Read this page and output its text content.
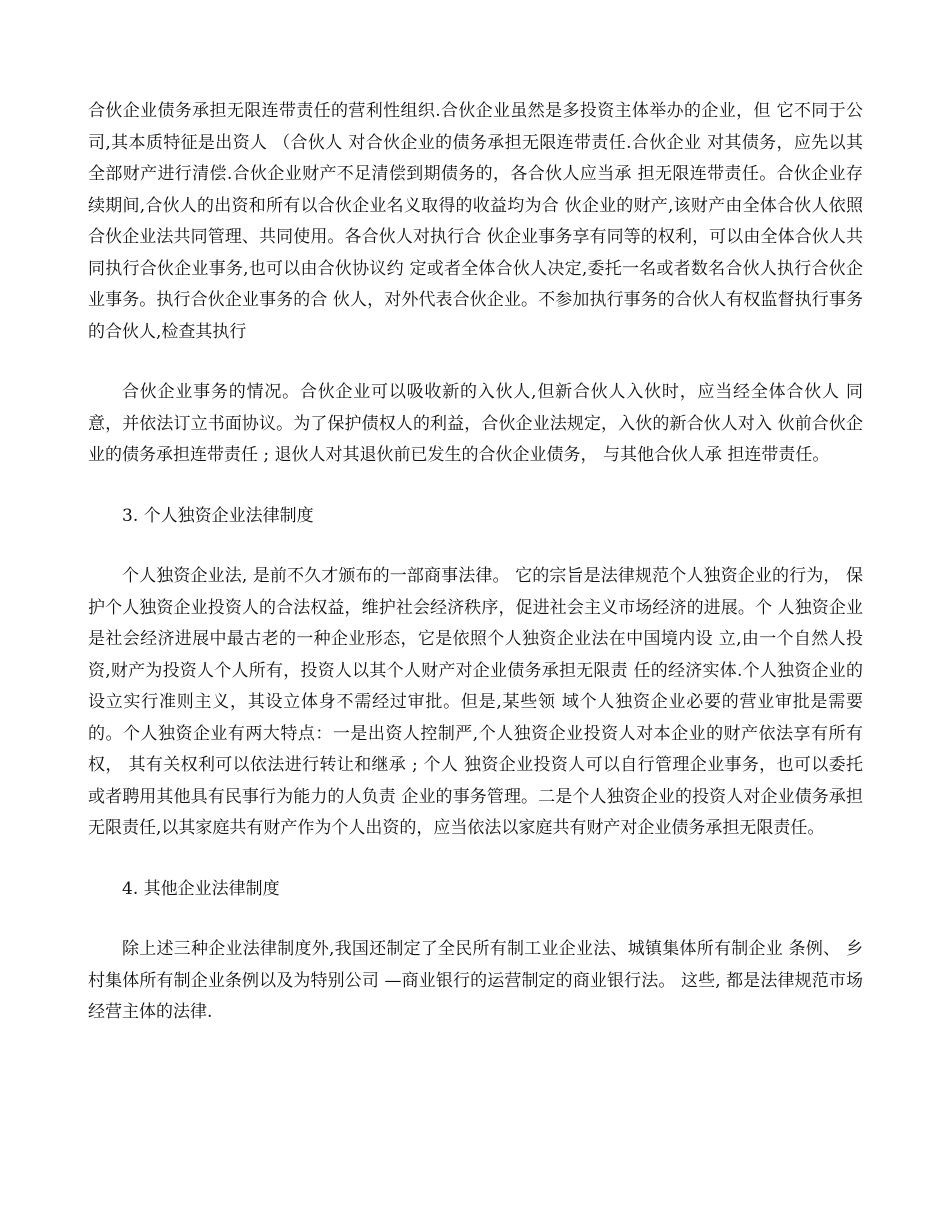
合伙企业债务承担无限连带责任的营利性组织.合伙企业虽然是多投资主体举办的企业，但 它不同于公司,其本质特征是出资人 （合伙人 对合伙企业的债务承担无限连带责任.合伙企业 对其债务，应先以其全部财产进行清偿.合伙企业财产不足清偿到期债务的，各合伙人应当承 担无限连带责任。合伙企业存续期间,合伙人的出资和所有以合伙企业名义取得的收益均为合 伙企业的财产,该财产由全体合伙人依照合伙企业法共同管理、共同使用。各合伙人对执行合 伙企业事务享有同等的权利，可以由全体合伙人共同执行合伙企业事务,也可以由合伙协议约 定或者全体合伙人决定,委托一名或者数名合伙人执行合伙企业事务。执行合伙企业事务的合 伙人，对外代表合伙企业。不参加执行事务的合伙人有权监督执行事务的合伙人,检查其执行

合伙企业事务的情况。合伙企业可以吸收新的入伙人,但新合伙人入伙时，应当经全体合伙人 同意，并依法订立书面协议。为了保护债权人的利益，合伙企业法规定，入伙的新合伙人对入 伙前合伙企业的债务承担连带责任 ; 退伙人对其退伙前已发生的合伙企业债务， 与其他合伙人承 担连带责任。

3. 个人独资企业法律制度

个人独资企业法, 是前不久才颁布的一部商事法律。 它的宗旨是法律规范个人独资企业的行为， 保护个人独资企业投资人的合法权益，维护社会经济秩序，促进社会主义市场经济的进展。个 人独资企业是社会经济进展中最古老的一种企业形态，它是依照个人独资企业法在中国境内设 立,由一个自然人投资,财产为投资人个人所有，投资人以其个人财产对企业债务承担无限责 任的经济实体.个人独资企业的设立实行准则主义，其设立体身不需经过审批。但是,某些领 域个人独资企业必要的营业审批是需要的。个人独资企业有两大特点：一是出资人控制严,个人独资企业投资人对本企业的财产依法享有所有权， 其有关权利可以依法进行转让和继承 ; 个人 独资企业投资人可以自行管理企业事务，也可以委托或者聘用其他具有民事行为能力的人负责 企业的事务管理。二是个人独资企业的投资人对企业债务承担无限责任,以其家庭共有财产作为个人出资的，应当依法以家庭共有财产对企业债务承担无限责任。

4. 其他企业法律制度

除上述三种企业法律制度外,我国还制定了全民所有制工业企业法、城镇集体所有制企业 条例、 乡村集体所有制企业条例以及为特别公司 —商业银行的运营制定的商业银行法。 这些, 都是法律规范市场经营主体的法律.
